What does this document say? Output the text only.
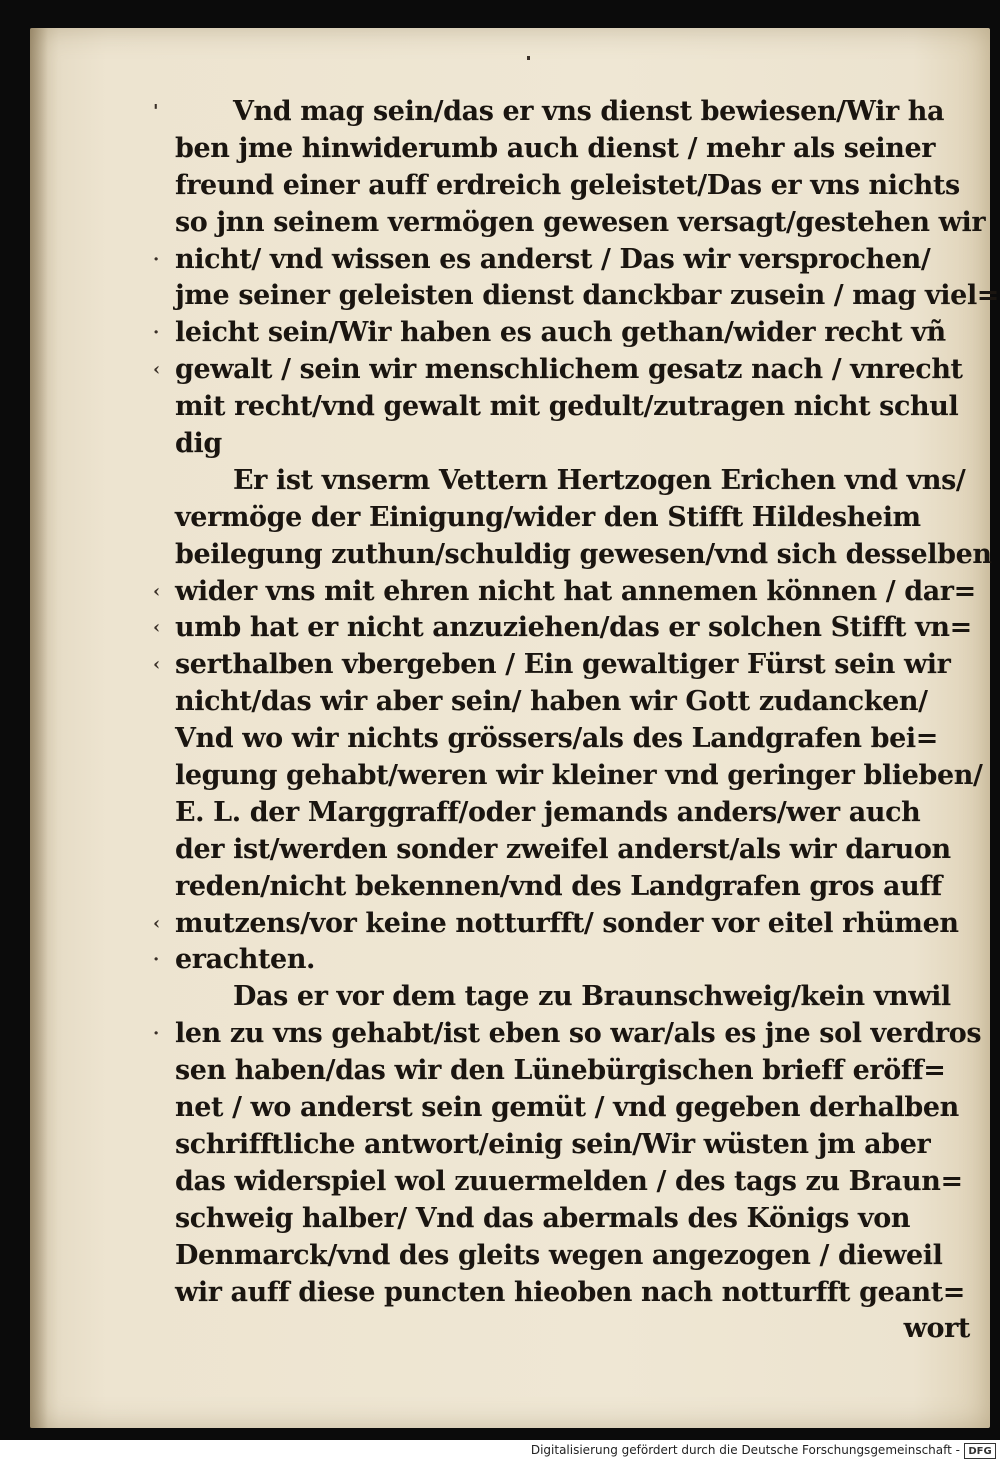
'	Vnd mag sein/das er vns dienst bewiesen/Wir ha
ben jme hinwiderumb auch dienst / mehr als seiner
freund einer auff erdreich geleistet/Das er vns nichts
so jnn seinem vermögen gewesen versagt/gestehen wir
· nicht/ vnd wissen es anderst / Das wir versprochen/
jme seiner geleisten dienst danckbar zusein / mag viel=
· leicht sein/Wir haben es auch gethan/wider recht vñ
‹ gewalt / sein wir menschlichem gesatz nach / vnrecht
mit recht/vnd gewalt mit gedult/zutragen nicht schul
dig
Er ist vnserm Vettern Hertzogen Erichen vnd vns/
vermöge der Einigung/wider den Stifft Hildesheim
beilegung zuthun/schuldig gewesen/vnd sich desselben
‹ wider vns mit ehren nicht hat annemen können / dar=
‹ umb hat er nicht anzuziehen/das er solchen Stifft vn=
‹ serthalben vbergeben / Ein gewaltiger Fürst sein wir
nicht/das wir aber sein/ haben wir Gott zudancken/
Vnd wo wir nichts grössers/als des Landgrafen bei=
legung gehabt/weren wir kleiner vnd geringer blieben/
E. L. der Marggraff/oder jemands anders/wer auch
der ist/werden sonder zweifel anderst/als wir daruon
reden/nicht bekennen/vnd des Landgrafen gros auff
‹ mutzens/vor keine notturfft/ sonder vor eitel rhümen
· erachten.
Das er vor dem tage zu Braunschweig/kein vnwil
· len zu vns gehabt/ist eben so war/als es jne sol verdros
sen haben/das wir den Lünebürgischen brieff eröff=
net / wo anderst sein gemüt / vnd gegeben derhalben
schrifftliche antwort/einig sein/Wir wüsten jm aber
das widerspiel wol zuuermelden / des tags zu Braun=
schweig halber/ Vnd das abermals des Königs von
Denmarck/vnd des gleits wegen angezogen / dieweil
wir auff diese puncten hieoben nach notturfft geant=
wort
Digitalisierung gefördert durch die Deutsche Forschungsgemeinschaft - DFG
